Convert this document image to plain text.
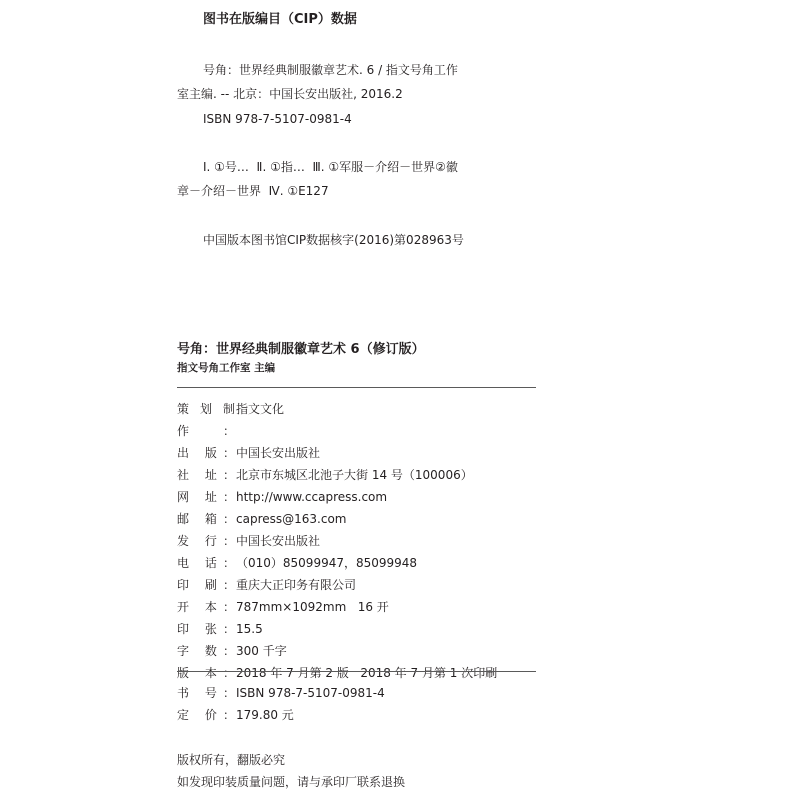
图书在版编目（CIP）数据
号角：世界经典制服徽章艺术. 6 / 指文号角工作
室主编. -- 北京：中国长安出版社, 2016.2
ISBN 978-7-5107-0981-4
Ⅰ. ①号…  Ⅱ. ①指…  Ⅲ. ①军服－介绍－世界②徽
章－介绍－世界  Ⅳ. ①E127
中国版本图书馆CIP数据核字(2016)第028963号
号角：世界经典制服徽章艺术 6（修订版）
指文号角工作室 主编
策划制作：
指文文化
出 版： 中国长安出版社
社 址： 北京市东城区北池子大街 14 号（100006）
网 址： http://www.ccapress.com
邮 箱： capress@163.com
发 行： 中国长安出版社
电 话： （010）85099947，85099948
印 刷： 重庆大正印务有限公司
开 本： 787mm×1092mm   16 开
印 张： 15.5
字 数： 300 千字
版 本： 2018 年 7 月第 2 版   2018 年 7 月第 1 次印刷
书 号： ISBN 978-7-5107-0981-4
定 价： 179.80 元
版权所有，翻版必究
如发现印装质量问题，请与承印厂联系退换
